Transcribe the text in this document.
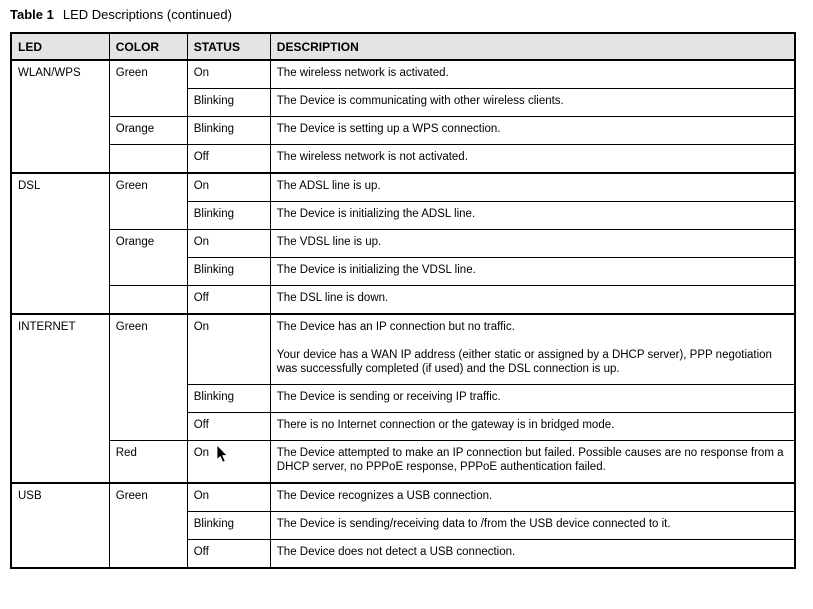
Table 1 LED Descriptions (continued)

LED	COLOR	STATUS	DESCRIPTION
WLAN/WPS	Green	On	The wireless network is activated.

		Blinking	The Device is communicating with other wireless clients.

	Orange	Blinking	The Device is setting up a WPS connection.

		Off	The wireless network is not activated.

DSL	Green	On	The ADSL line is up.

		Blinking	The Device is initializing the ADSL line.

	Orange	On	The VDSL line is up.

		Blinking	The Device is initializing the VDSL line.

		Off	The DSL line is down.

INTERNET	Green	On	The Device has an IP connection but no traffic.

Your device has a WAN IP address (either static or assigned by a DHCP server), PPP negotiation was successfully completed (if used) and the DSL connection is up.

		Blinking	The Device is sending or receiving IP traffic.

		Off	There is no Internet connection or the gateway is in bridged mode.

	Red	On	The Device attempted to make an IP connection but failed. Possible causes are no response from a DHCP server, no PPPoE response, PPPoE authentication failed.

USB	Green	On	The Device recognizes a USB connection.

		Blinking	The Device is sending/receiving data to /from the USB device connected to it.

		Off	The Device does not detect a USB connection.
